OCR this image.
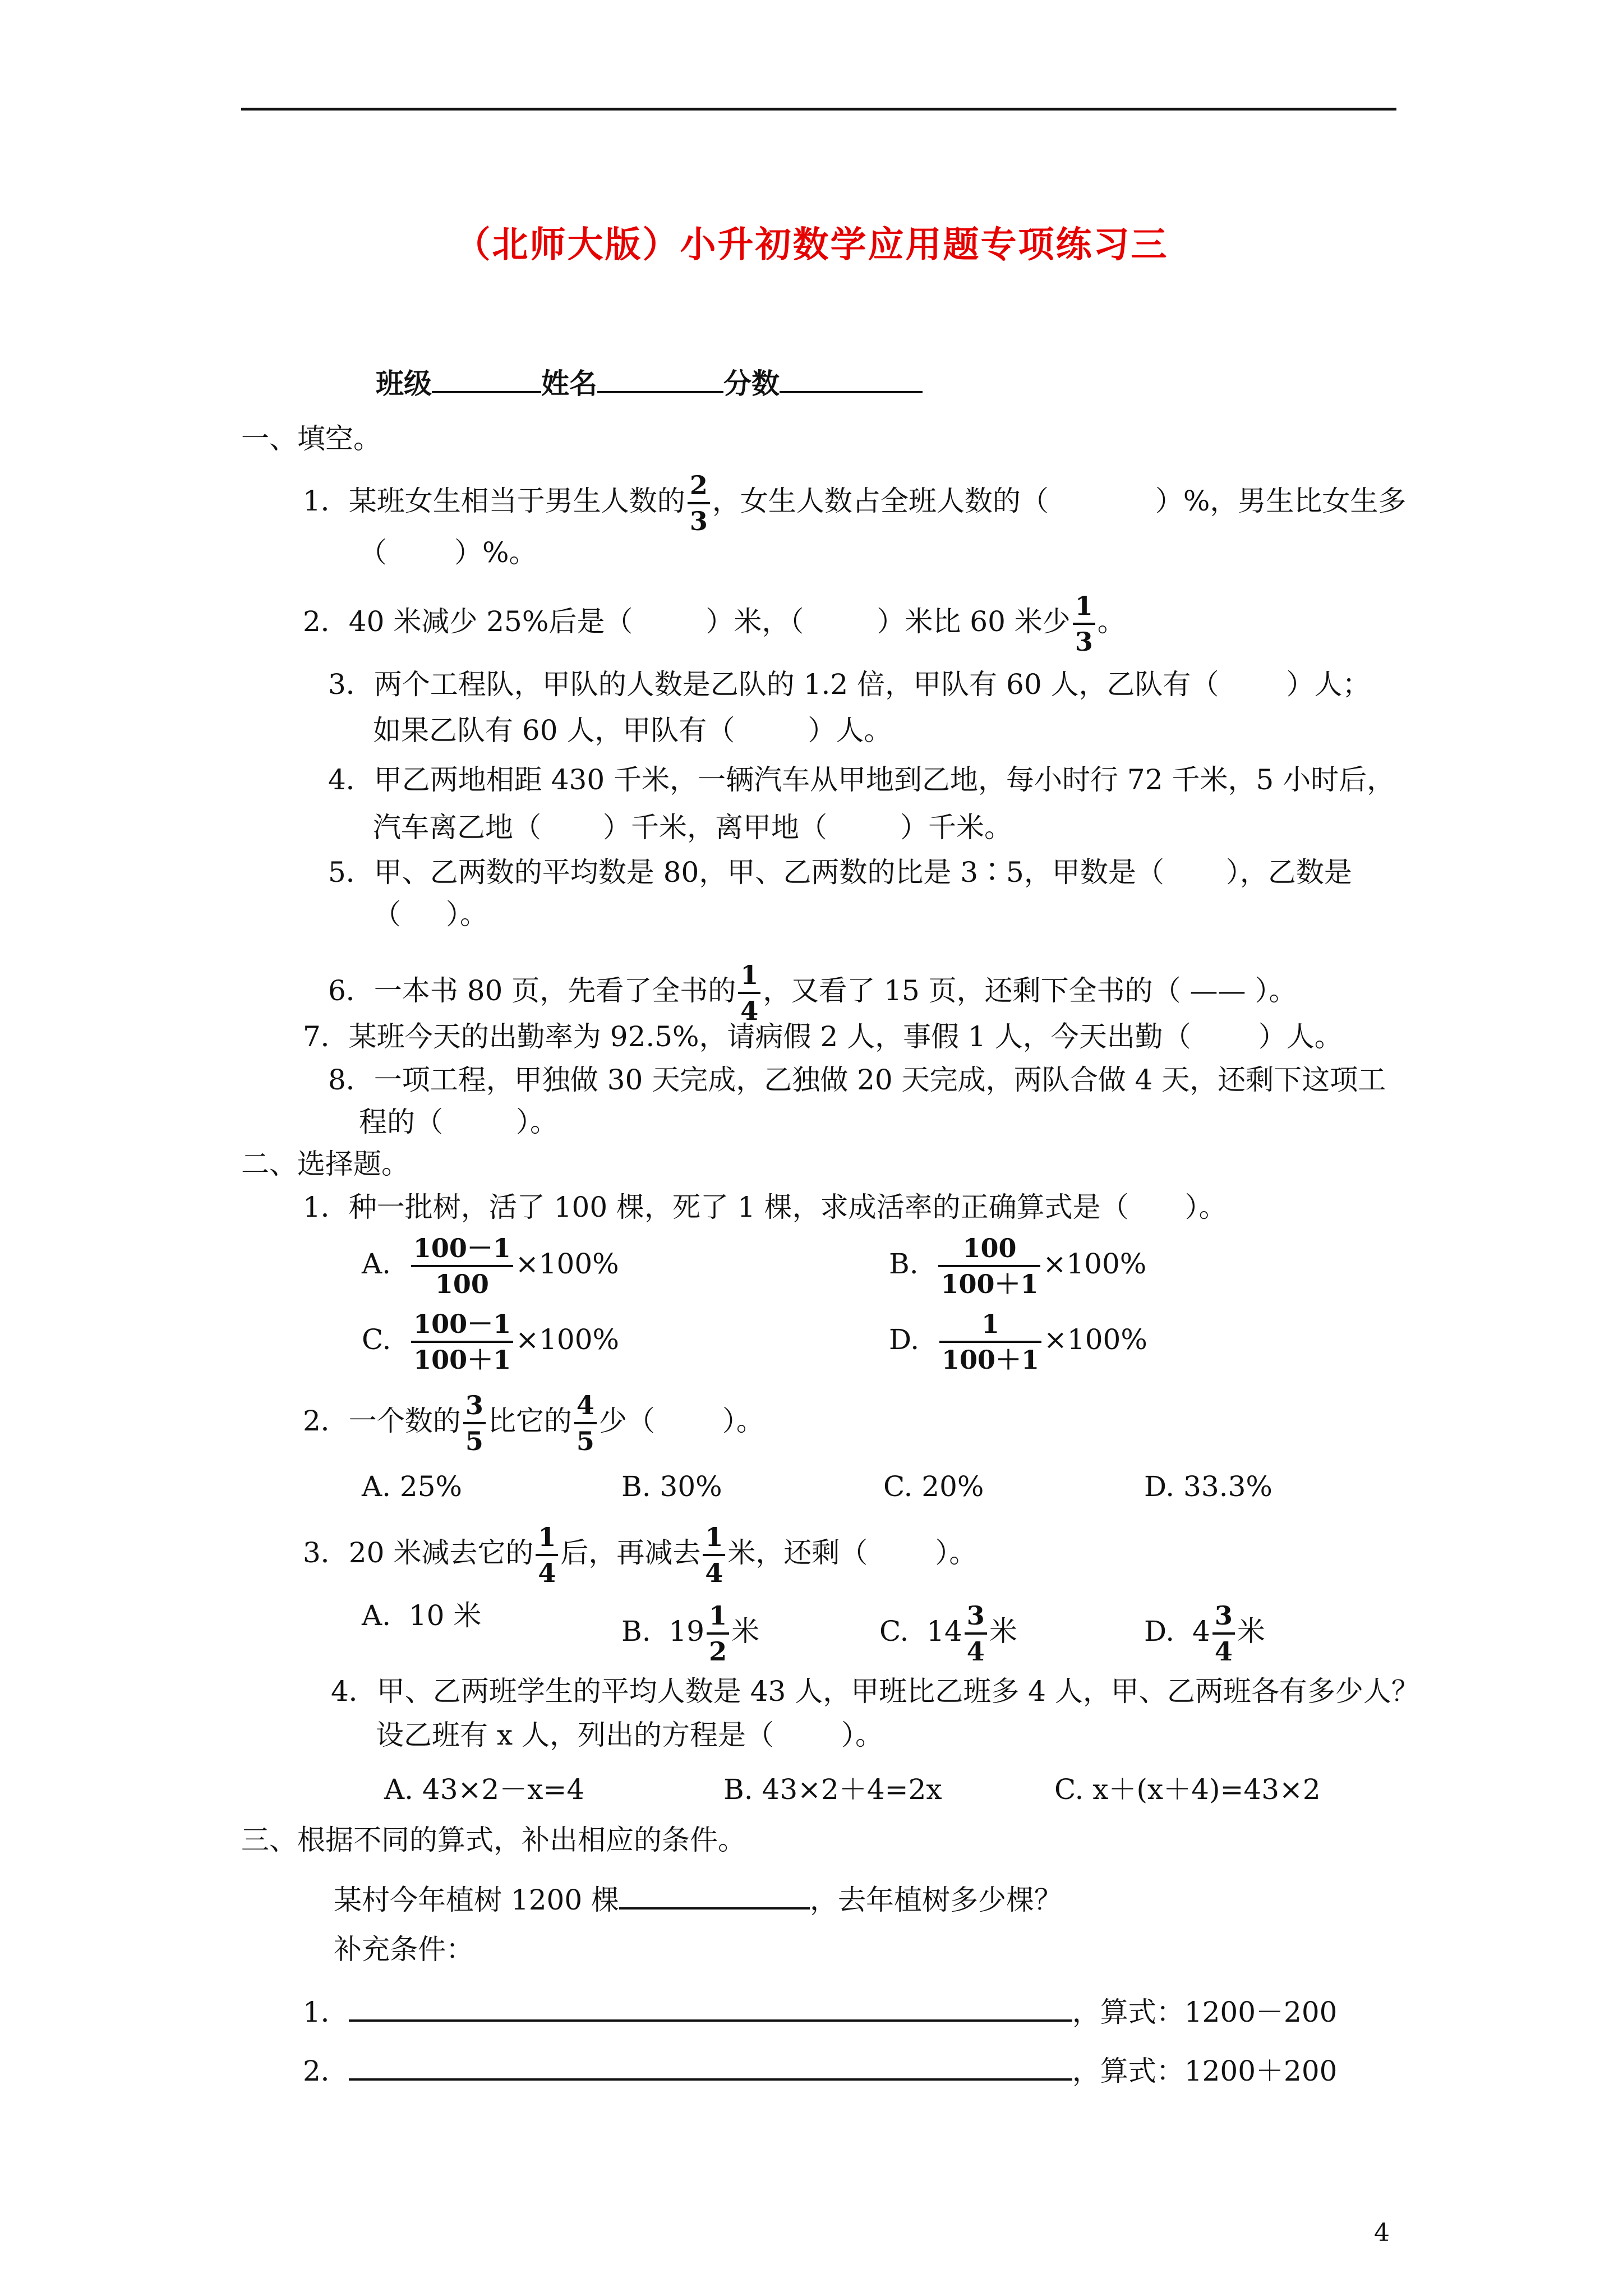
（北师大版）小升初数学应用题专项练习三
班级	姓名	分数
一、填空。
1．某班女生相当于男生人数的 $\frac{2}{3}$ ，女生人数占全班人数的（	）%，男生比女生多
（ ）%。
2．40 米减少 25%后是（	）米，（	）米比 60 米少 $\frac{1}{3}$ 。
3．两个工程队，甲队的人数是乙队的 1.2 倍，甲队有 60 人，乙队有（ ）人；
如果乙队有 60 人，甲队有（	）人。
4．甲乙两地相距 430 千米，一辆汽车从甲地到乙地，每小时行 72 千米，5 小时后，
汽车离乙地（ ）千米，离甲地（	）千米。
5．甲、乙两数的平均数是 80，甲、乙两数的比是 3∶5，甲数是（ ），乙数是
（ ）。
6．一本书 80 页，先看了全书的 $\frac{1}{4}$ ，又看了 15 页，还剩下全书的（ —— ）。
7．某班今天的出勤率为 92.5%，请病假 2 人，事假 1 人，今天出勤（ ）人。
8．一项工程，甲独做 30 天完成，乙独做 20 天完成，两队合做 4 天，还剩下这项工
程的（	）。
二、选择题。
1．种一批树，活了 100 棵，死了 1 棵，求成活率的正确算式是（ ）。
A. $\frac{100-1}{100} \times 100\%$	B. $\frac{100}{100+1} \times 100\%$
C. $\frac{100-1}{100+1} \times 100\%$	D. $\frac{1}{100+1} \times 100\%$
2．一个数的 $\frac{3}{5}$ 比它的 $\frac{4}{5}$ 少（ ）。
A. 25%	B. 30%	C. 20%	D. 33.3%
3．20 米减去它的 $\frac{1}{4}$ 后，再减去 $\frac{1}{4}$ 米，还剩（ ）。
A. 10 米	B. $19 \frac{1}{2}$ 米	C. $14 \frac{3}{4}$ 米	D. $4 \frac{3}{4}$ 米
4．甲、乙两班学生的平均人数是 43 人，甲班比乙班多 4 人，甲、乙两班各有多少人？
设乙班有 x 人，列出的方程是（ ）。
A. 43×2－x=4	B. 43×2＋4=2x	C. x＋(x＋4)=43×2
三、根据不同的算式，补出相应的条件。
某村今年植树 1200 棵	，去年植树多少棵？
补充条件：
1．	，算式：1200－200
2．	，算式：1200＋200
4
